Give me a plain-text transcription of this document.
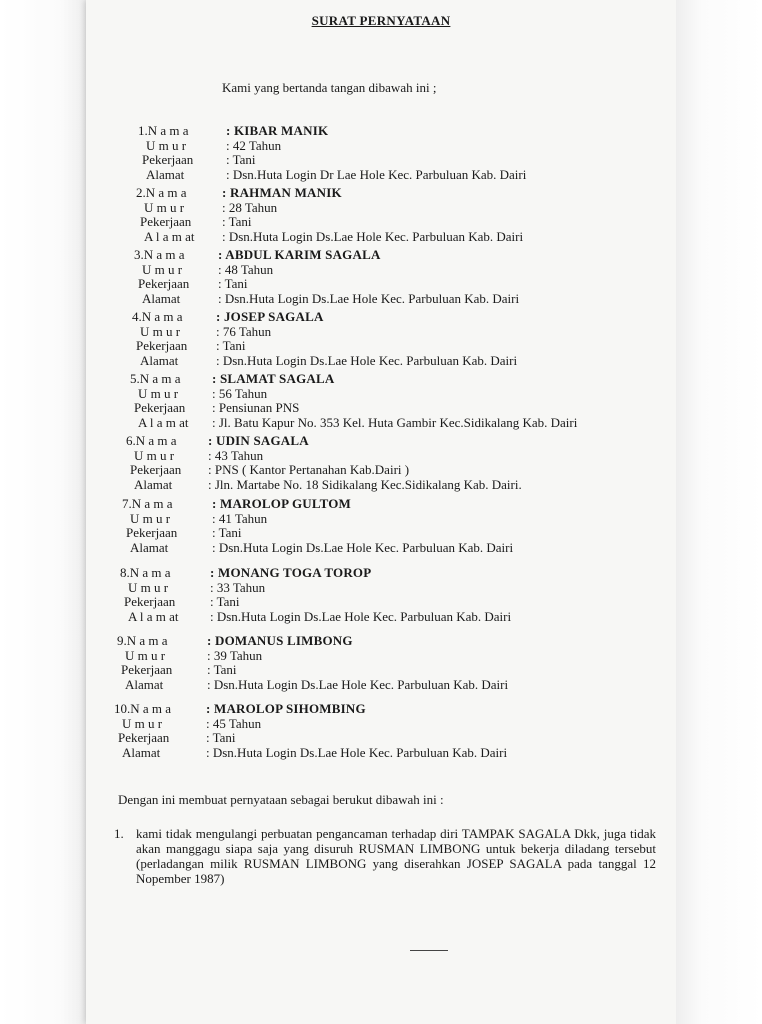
SURAT PERNYATAAN
Kami yang bertanda tangan dibawah ini ;
1.N a m a	: KIBAR MANIK
U m u r	: 42 Tahun
Pekerjaan	: Tani
Alamat	: Dsn.Huta Login Dr Lae Hole Kec. Parbuluan Kab. Dairi
2.N a m a	: RAHMAN MANIK
U m u r	: 28 Tahun
Pekerjaan : Tani
A l a m at : Dsn.Huta Login Ds.Lae Hole Kec. Parbuluan Kab. Dairi
3.N a m a	: ABDUL KARIM SAGALA
U m u r	: 48 Tahun
Pekerjaan : Tani
Alamat	: Dsn.Huta Login Ds.Lae Hole Kec. Parbuluan Kab. Dairi
4.N a m a	: JOSEP SAGALA
U m u r	: 76 Tahun
Pekerjaan : Tani
Alamat	: Dsn.Huta Login Ds.Lae Hole Kec. Parbuluan Kab. Dairi
5.N a m a : SLAMAT SAGALA
U m u r	: 56 Tahun
Pekerjaan : Pensiunan PNS
A l a m at : Jl. Batu Kapur No. 353 Kel. Huta Gambir Kec.Sidikalang Kab. Dairi
6.N a m a : UDIN SAGALA
U m u r	: 43 Tahun
Pekerjaan : PNS ( Kantor Pertanahan Kab.Dairi )
Alamat	: Jln. Martabe No. 18 Sidikalang Kec.Sidikalang Kab. Dairi.
7.N a m a	: MAROLOP GULTOM
U m u r	: 41 Tahun
Pekerjaan	: Tani
Alamat	: Dsn.Huta Login Ds.Lae Hole Kec. Parbuluan Kab. Dairi
8.N a m a	: MONANG TOGA TOROP
U m u r	: 33 Tahun
Pekerjaan	: Tani
A l a m at : Dsn.Huta Login Ds.Lae Hole Kec. Parbuluan Kab. Dairi
9.N a m a	: DOMANUS LIMBONG
U m u r	: 39 Tahun
Pekerjaan	: Tani
Alamat	: Dsn.Huta Login Ds.Lae Hole Kec. Parbuluan Kab. Dairi
10.N a m a	: MAROLOP SIHOMBING
U m u r	: 45 Tahun
Pekerjaan	: Tani
Alamat	: Dsn.Huta Login Ds.Lae Hole Kec. Parbuluan Kab. Dairi
Dengan ini membuat pernyataan sebagai berukut dibawah ini :
1. kami tidak mengulangi perbuatan pengancaman terhadap diri TAMPAK SAGALA Dkk, juga tidak akan manggagu siapa saja yang disuruh RUSMAN LIMBONG untuk bekerja diladang tersebut (perladangan milik RUSMAN LIMBONG yang diserahkan JOSEP SAGALA pada tanggal 12 Nopember 1987)
